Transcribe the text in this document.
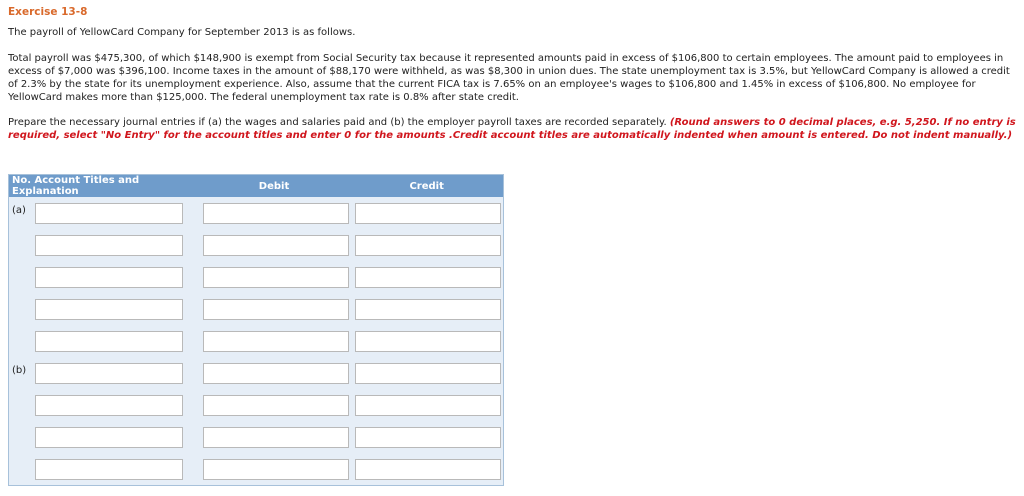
Exercise 13-8
The payroll of YellowCard Company for September 2013 is as follows.
Total payroll was $475,300, of which $148,900 is exempt from Social Security tax because it represented amounts paid in excess of $106,800 to certain employees. The amount paid to employees in excess of $7,000 was $396,100. Income taxes in the amount of $88,170 were withheld, as was $8,300 in union dues. The state unemployment tax is 3.5%, but YellowCard Company is allowed a credit of 2.3% by the state for its unemployment experience. Also, assume that the current FICA tax is 7.65% on an employee's wages to $106,800 and 1.45% in excess of $106,800. No employee for YellowCard makes more than $125,000. The federal unemployment tax rate is 0.8% after state credit.
Prepare the necessary journal entries if (a) the wages and salaries paid and (b) the employer payroll taxes are recorded separately. (Round answers to 0 decimal places, e.g. 5,250. If no entry is required, select "No Entry" for the account titles and enter 0 for the amounts .Credit account titles are automatically indented when amount is entered. Do not indent manually.)
No. Account Titles and Explanation	Debit	Credit

(a)

(b)
